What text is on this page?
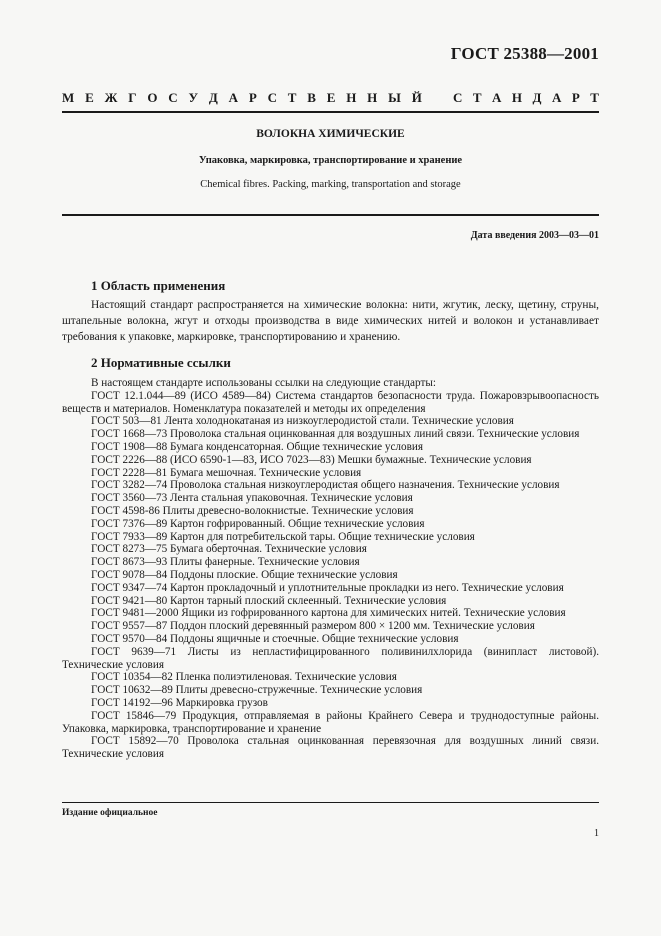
ГОСТ 25388—2001
М Е Ж Г О С У Д А Р С Т В Е Н Н Ы Й С Т А Н Д А Р Т
ВОЛОКНА ХИМИЧЕСКИЕ
Упаковка, маркировка, транспортирование и хранение
Chemical fibres. Packing, marking, transportation and storage
Дата введения 2003—03—01
1 Область применения
Настоящий стандарт распространяется на химические волокна: нити, жгутик, леску, щетину, струны, штапельные волокна, жгут и отходы производства в виде химических нитей и волокон и устанавливает требования к упаковке, маркировке, транспортированию и хранению.
2 Нормативные ссылки
В настоящем стандарте использованы ссылки на следующие стандарты:
ГОСТ 12.1.044—89 (ИСО 4589—84) Система стандартов безопасности труда. Пожаровзрывоопасность веществ и материалов. Номенклатура показателей и методы их определения
ГОСТ 503—81 Лента холоднокатаная из низкоуглеродистой стали. Технические условия
ГОСТ 1668—73 Проволока стальная оцинкованная для воздушных линий связи. Технические условия
ГОСТ 1908—88 Бумага конденсаторная. Общие технические условия
ГОСТ 2226—88 (ИСО 6590-1—83, ИСО 7023—83) Мешки бумажные. Технические условия
ГОСТ 2228—81 Бумага мешочная. Технические условия
ГОСТ 3282—74 Проволока стальная низкоуглеродистая общего назначения. Технические условия
ГОСТ 3560—73 Лента стальная упаковочная. Технические условия
ГОСТ 4598-86 Плиты древесно-волокнистые. Технические условия
ГОСТ 7376—89 Картон гофрированный. Общие технические условия
ГОСТ 7933—89 Картон для потребительской тары. Общие технические условия
ГОСТ 8273—75 Бумага оберточная. Технические условия
ГОСТ 8673—93 Плиты фанерные. Технические условия
ГОСТ 9078—84 Поддоны плоские. Общие технические условия
ГОСТ 9347—74 Картон прокладочный и уплотнительные прокладки из него. Технические условия
ГОСТ 9421—80 Картон тарный плоский склеенный. Технические условия
ГОСТ 9481—2000 Ящики из гофрированного картона для химических нитей. Технические условия
ГОСТ 9557—87 Поддон плоский деревянный размером 800 × 1200 мм. Технические условия
ГОСТ 9570—84 Поддоны ящичные и стоечные. Общие технические условия
ГОСТ 9639—71 Листы из непластифицированного поливинилхлорида (винипласт листовой). Технические условия
ГОСТ 10354—82 Пленка полиэтиленовая. Технические условия
ГОСТ 10632—89 Плиты древесно-стружечные. Технические условия
ГОСТ 14192—96 Маркировка грузов
ГОСТ 15846—79 Продукция, отправляемая в районы Крайнего Севера и труднодоступные районы. Упаковка, маркировка, транспортирование и хранение
ГОСТ 15892—70 Проволока стальная оцинкованная перевязочная для воздушных линий связи. Технические условия
Издание официальное
1
